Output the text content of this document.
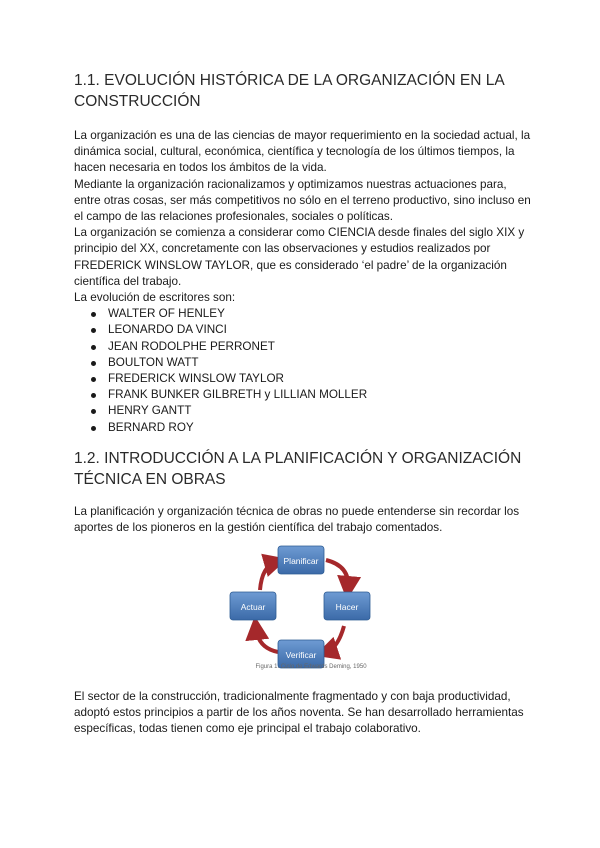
1.1. EVOLUCIÓN HISTÓRICA DE LA ORGANIZACIÓN EN LA
CONSTRUCCIÓN

La organización es una de las ciencias de mayor requerimiento en la sociedad actual, la dinámica social, cultural, económica, científica y tecnología de los últimos tiempos, la hacen necesaria en todos los ámbitos de la vida.

Mediante la organización racionalizamos y optimizamos nuestras actuaciones para, entre otras cosas, ser más competitivos no sólo en el terreno productivo, sino incluso en el campo de las relaciones profesionales, sociales o políticas.

La organización se comienza a considerar como CIENCIA desde finales del siglo XIX y principio del XX, concretamente con las observaciones y estudios realizados por FREDERICK WINSLOW TAYLOR, que es considerado ‘el padre’ de la organización científica del trabajo.

La evolución de escritores son:

WALTER OF HENLEY
LEONARDO DA VINCI
JEAN RODOLPHE PERRONET
BOULTON WATT
FREDERICK WINSLOW TAYLOR
FRANK BUNKER GILBRETH y LILLIAN MOLLER
HENRY GANTT
BERNARD ROY
1.2. INTRODUCCIÓN A LA PLANIFICACIÓN Y ORGANIZACIÓN
TÉCNICA EN OBRAS

La planificación y organización técnica de obras no puede entenderse sin recordar los aportes de los pioneros en la gestión científica del trabajo comentados.

Planificar
Hacer
Verificar
Actuar
Figura 1. Ciclo de Edwards Deming, 1950

El sector de la construcción, tradicionalmente fragmentado y con baja productividad, adoptó estos principios a partir de los años noventa. Se han desarrollado herramientas específicas, todas tienen como eje principal el trabajo colaborativo.
